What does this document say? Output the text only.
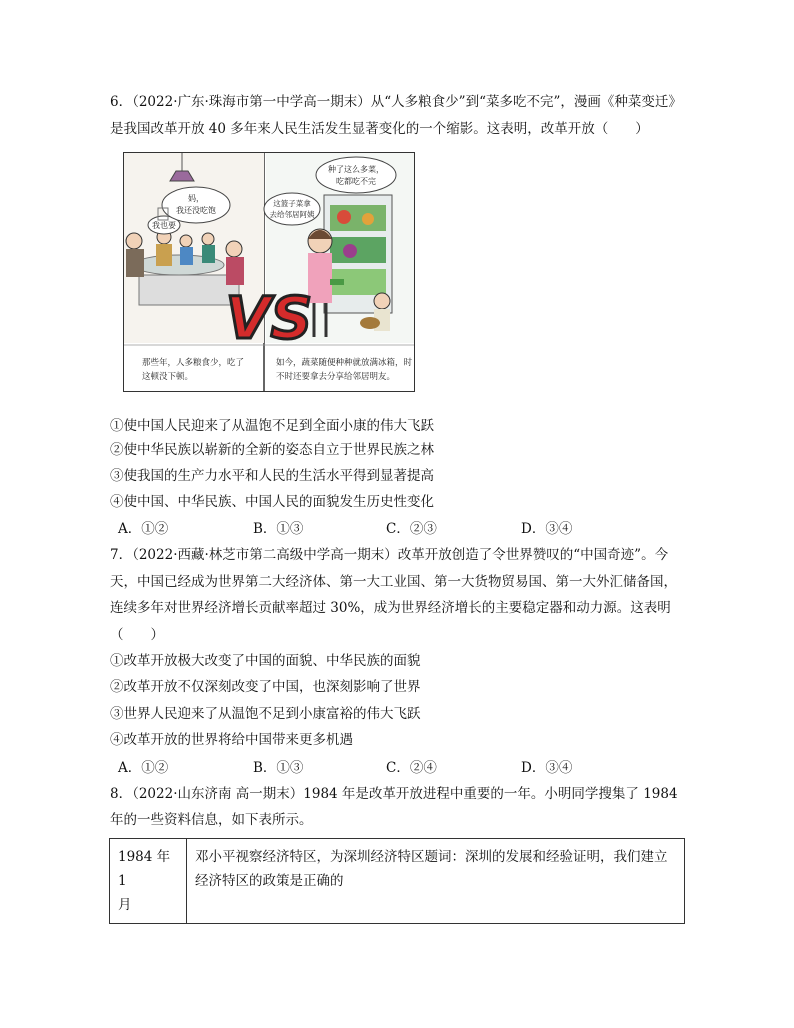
6．（2022·广东·珠海市第一中学高一期末）从“人多粮食少”到“菜多吃不完”，漫画《种菜变迁》
是我国改革开放 40 多年来人民生活发生显著变化的一个缩影。这表明，改革开放（　　）
我也要
妈，
我还没吃饱
种了这么多菜，
吃都吃不完
这篮子菜拿
去给邻居阿姨
VS
那些年，人多粮食少，吃了
这顿没下顿。
如今，蔬菜随便种种就放满冰箱，时
不时还要拿去分享给邻居明友。
①使中国人民迎来了从温饱不足到全面小康的伟大飞跃
②使中华民族以崭新的全新的姿态自立于世界民族之林
③使我国的生产力水平和人民的生活水平得到显著提高
④使中国、中华民族、中国人民的面貌发生历史性变化
A．①②	B．①③	C．②③	D．③④
7．（2022·西藏·林芝市第二高级中学高一期末）改革开放创造了令世界赞叹的“中国奇迹”。今
天，中国已经成为世界第二大经济体、第一大工业国、第一大货物贸易国、第一大外汇储备国，
连续多年对世界经济增长贡献率超过 30%，成为世界经济增长的主要稳定器和动力源。这表明
（　　）
①改革开放极大改变了中国的面貌、中华民族的面貌
②改革开放不仅深刻改变了中国，也深刻影响了世界
③世界人民迎来了从温饱不足到小康富裕的伟大飞跃
④改革开放的世界将给中国带来更多机遇
A．①②	B．①③	C．②④	D．③④
8．（2022·山东济南 高一期末）1984 年是改革开放进程中重要的一年。小明同学搜集了 1984
年的一些资料信息，如下表所示。
1984 年 1
月

邓小平视察经济特区，为深圳经济特区题词：深圳的发展和经验证明，我们建立
经济特区的政策是正确的
